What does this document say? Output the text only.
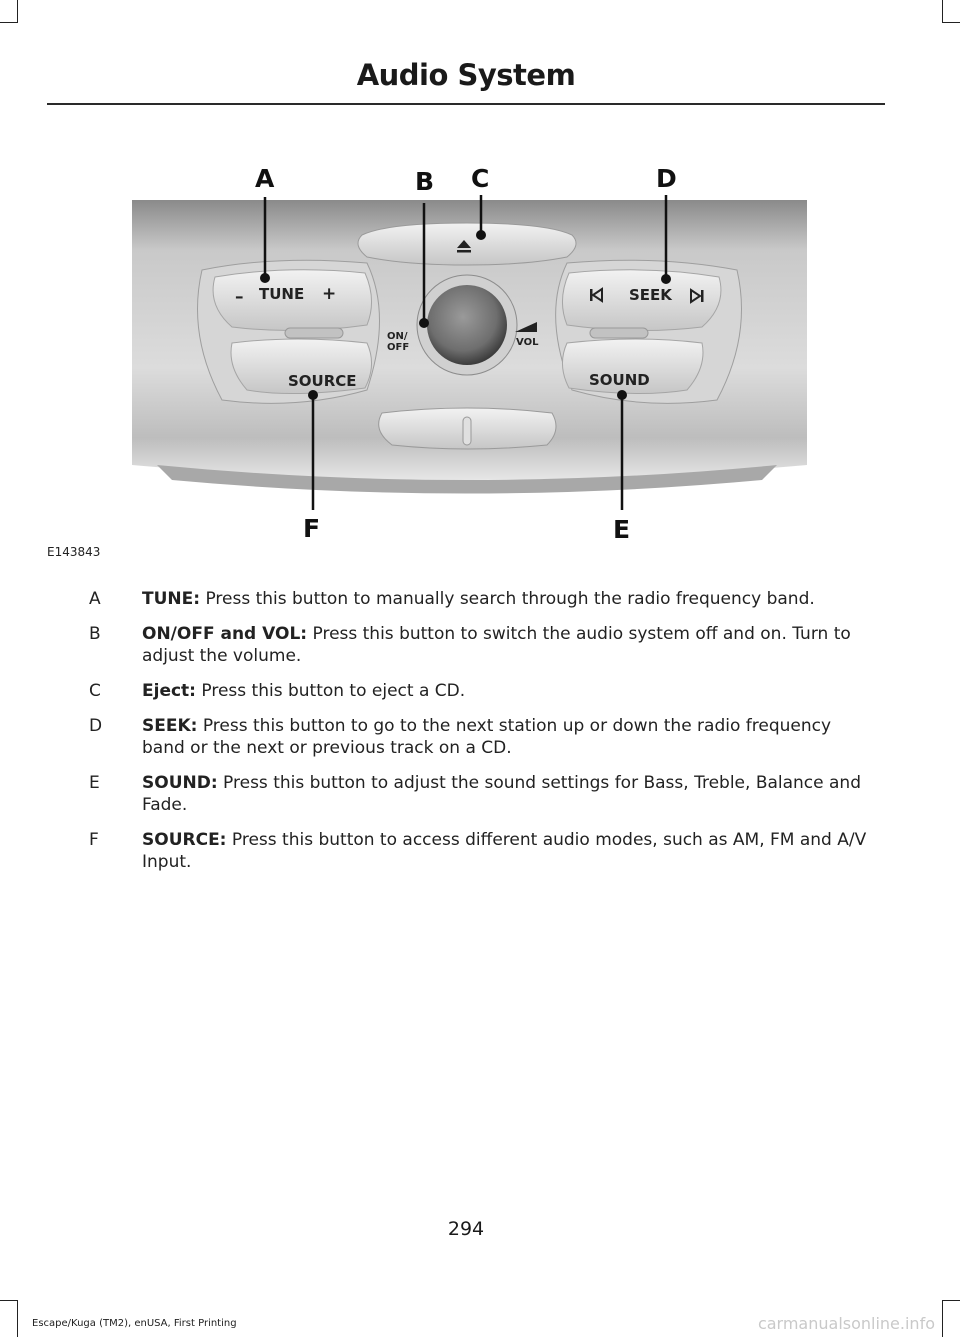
Audio System
– TUNE +
SOURCE
ON/
OFF	VOL
SEEK
SOUND
A	B C	D
E
F
E143843
A TUNE: Press this button to manually search through the radio frequency band.
B ON/OFF and VOL: Press this button to switch the audio system off and on. Turn to adjust the volume.
C Eject: Press this button to eject a CD.
D SEEK: Press this button to go to the next station up or down the radio frequency band or the next or previous track on a CD.
E SOUND: Press this button to adjust the sound settings for Bass, Treble, Balance and Fade.
F	SOURCE: Press this button to access different audio modes, such as AM, FM and A/V Input.
294
Escape/Kuga (TM2), enUSA, First Printing	carmanualsonline.info
